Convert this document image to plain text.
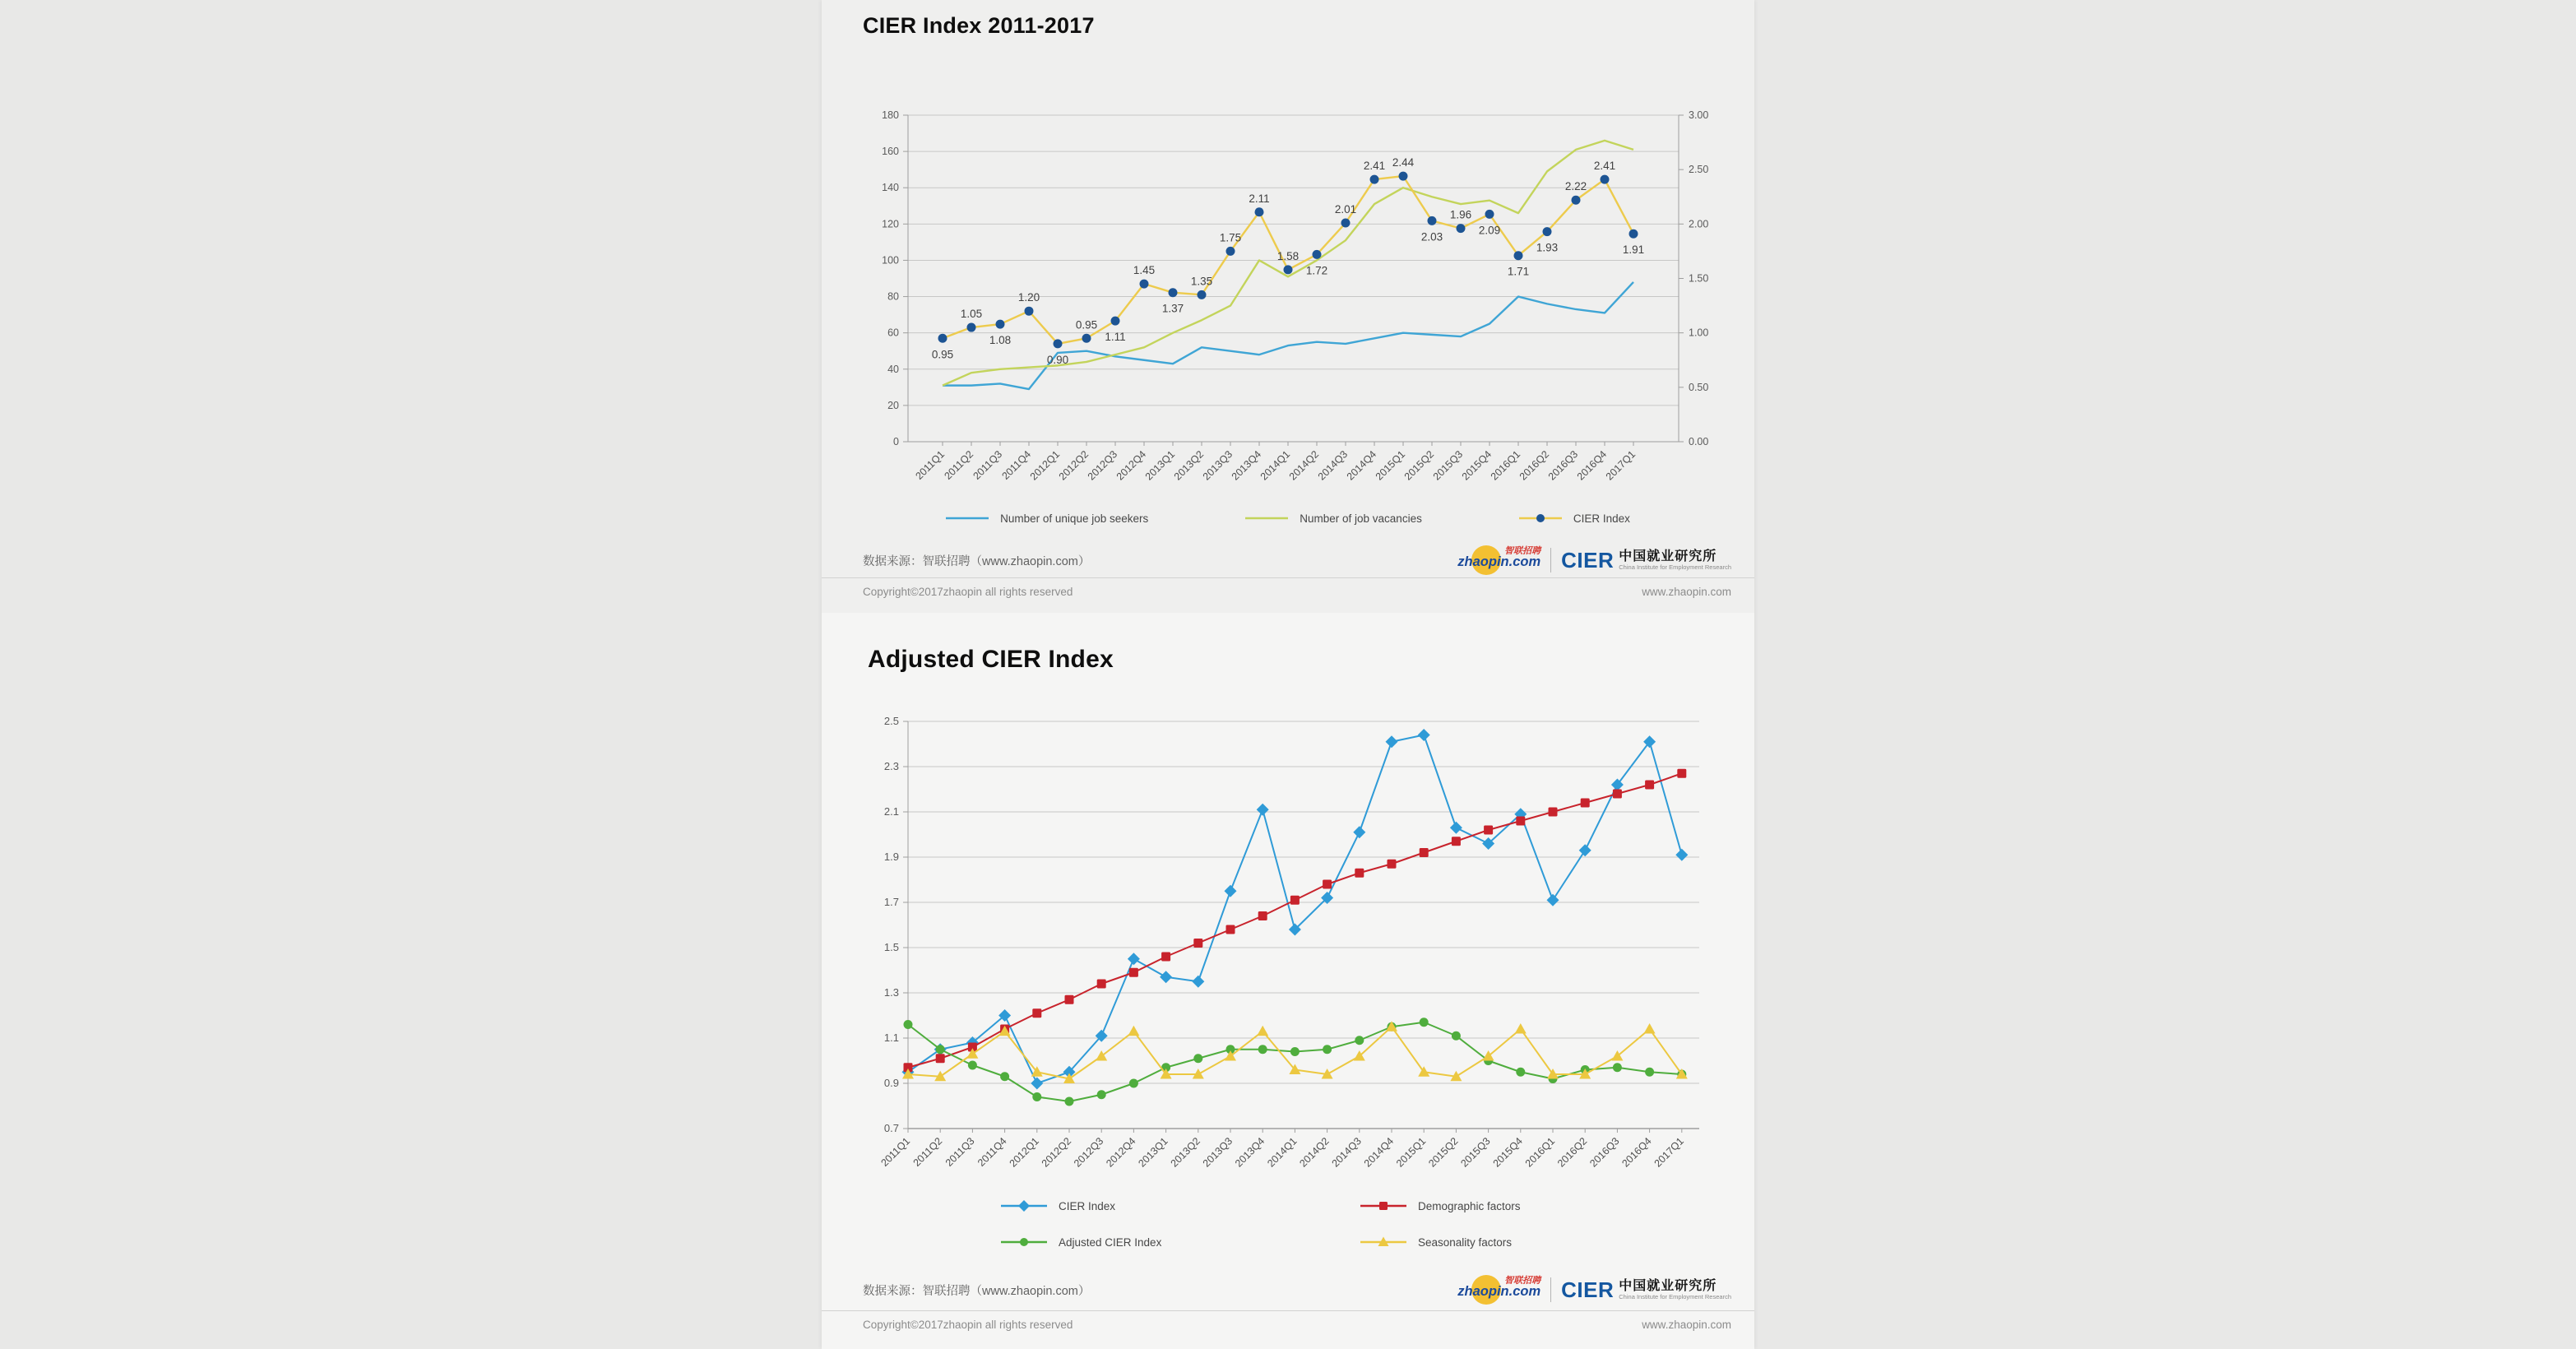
CIER Index 2011-2017
0
20
40
60
80
100
120
140
160
180
0.00
0.50
1.00
1.50
2.00
2.50
3.00
2011Q1
2011Q2
2011Q3
2011Q4
2012Q1
2012Q2
2012Q3
2012Q4
2013Q1
2013Q2
2013Q3
2013Q4
2014Q1
2014Q2
2014Q3
2014Q4
2015Q1
2015Q2
2015Q3
2015Q4
2016Q1
2016Q2
2016Q3
2016Q4
2017Q1
0.95
1.05
1.08
1.20
0.90
0.95
1.11
1.45
1.37
1.35
1.75
2.11
1.58
1.72
2.01
2.41 2.44
2.03
1.96
2.09
1.71
1.93
2.22
2.41
1.91
Number of unique job seekers	Number of job vacancies	CIER Index
数据来源：智联招聘（www.zhaopin.com）
智联招聘
zhaopin.com CIER 中国就业研究所
China Institute for Employment Research
Copyright©2017zhaopin all rights reserved	www.zhaopin.com
Adjusted CIER Index
0.7
0.9
1.1
1.3
1.5
1.7
1.9
2.1
2.3
2.5
2011Q1
2011Q2
2011Q3
2011Q4
2012Q1
2012Q2
2012Q3
2012Q4
2013Q1
2013Q2
2013Q3
2013Q4
2014Q1
2014Q2
2014Q3
2014Q4
2015Q1
2015Q2
2015Q3
2015Q4
2016Q1
2016Q2
2016Q3
2016Q4
2017Q1
CIER Index	Demographic factors
Adjusted CIER Index	Seasonality factors
数据来源：智联招聘（www.zhaopin.com）
智联招聘
zhaopin.com CIER 中国就业研究所
China Institute for Employment Research
Copyright©2017zhaopin all rights reserved	www.zhaopin.com
